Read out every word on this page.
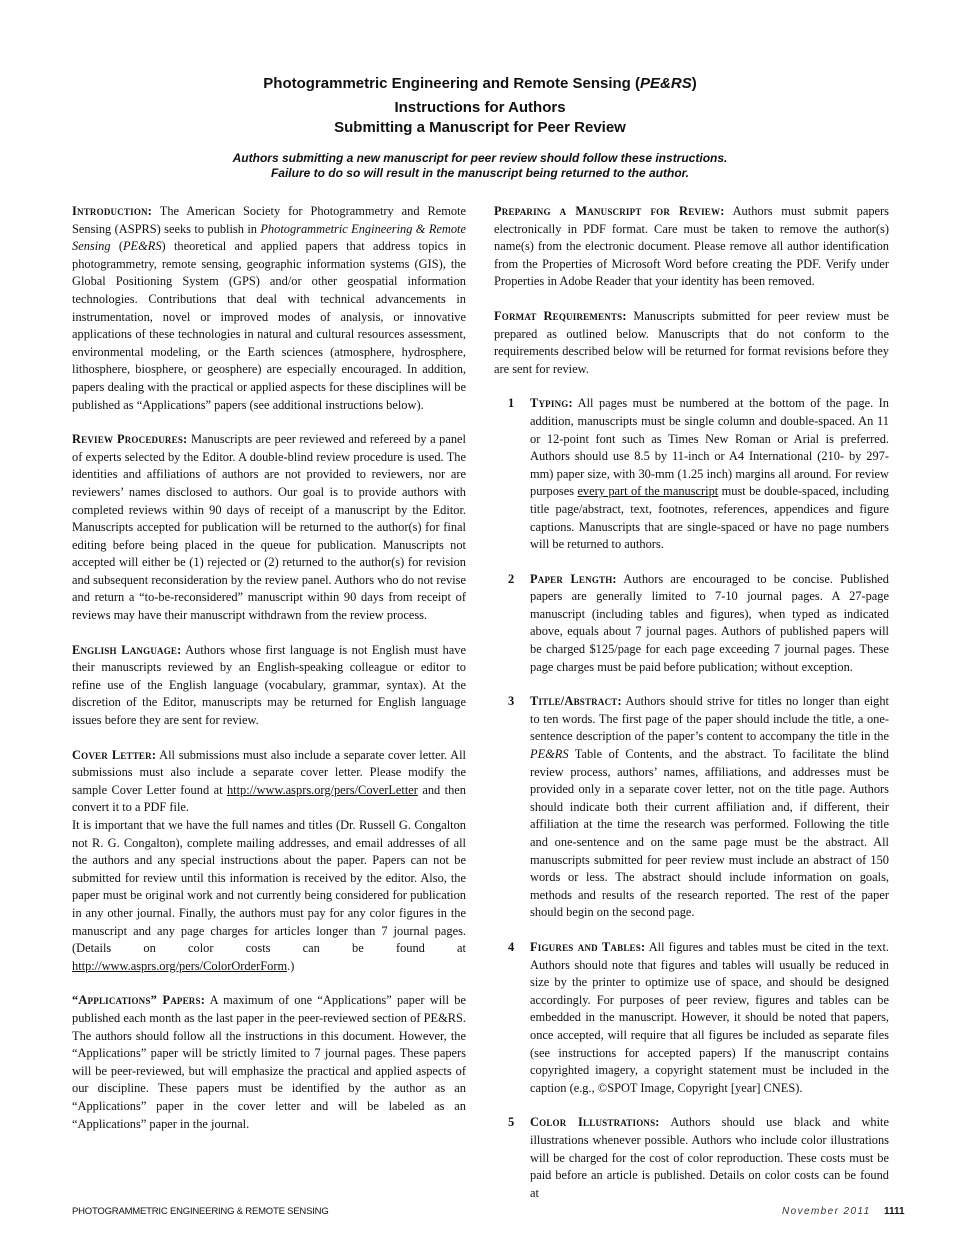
Photogrammetric Engineering and Remote Sensing (PE&RS)
Instructions for Authors
Submitting a Manuscript for Peer Review
Authors submitting a new manuscript for peer review should follow these instructions.
Failure to do so will result in the manuscript being returned to the author.

Introduction: The American Society for Photogrammetry and Remote Sensing (ASPRS) seeks to publish in Photogrammetric Engineering & Remote Sensing (PE&RS) theoretical and applied papers that address topics in photogrammetry, remote sensing, geographic information systems (GIS), the Global Positioning System (GPS) and/or other geospatial information technologies. Contributions that deal with technical advancements in instrumentation, novel or improved modes of analysis, or innovative applications of these technologies in natural and cultural resources assessment, environmental modeling, or the Earth sciences (atmosphere, hydrosphere, lithosphere, biosphere, or geosphere) are especially encouraged. In addition, papers dealing with the practical or applied aspects for these disciplines will be published as “Applications” papers (see additional instructions below).

Review Procedures: Manuscripts are peer reviewed and refereed by a panel of experts selected by the Editor. A double-blind review procedure is used. The identities and affiliations of authors are not provided to reviewers, nor are reviewers’ names disclosed to authors. Our goal is to provide authors with completed reviews within 90 days of receipt of a manuscript by the Editor. Manuscripts accepted for publication will be returned to the author(s) for final editing before being placed in the queue for publication. Manuscripts not accepted will either be (1) rejected or (2) returned to the author(s) for revision and subsequent reconsideration by the review panel. Authors who do not revise and return a “to-be-reconsidered” manuscript within 90 days from receipt of reviews may have their manuscript withdrawn from the review process.

English Language: Authors whose first language is not English must have their manuscripts reviewed by an English-speaking colleague or editor to refine use of the English language (vocabulary, grammar, syntax). At the discretion of the Editor, manuscripts may be returned for English language issues before they are sent for review.

Cover Letter: All submissions must also include a separate cover letter. All submissions must also include a separate cover letter. Please modify the sample Cover Letter found at http://www.asprs.org/pers/CoverLetter and then convert it to a PDF file.

It is important that we have the full names and titles (Dr. Russell G. Congalton not R. G. Congalton), complete mailing addresses, and email addresses of all the authors and any special instructions about the paper. Papers can not be submitted for review until this information is received by the editor. Also, the paper must be original work and not currently being considered for publication in any other journal. Finally, the authors must pay for any color figures in the manuscript and any page charges for articles longer than 7 journal pages. (Details on color costs can be found at http://www.asprs.org/pers/ColorOrderForm.)

“Applications” Papers: A maximum of one “Applications” paper will be published each month as the last paper in the peer-reviewed section of PE&RS. The authors should follow all the instructions in this document. However, the “Applications” paper will be strictly limited to 7 journal pages. These papers will be peer-reviewed, but will emphasize the practical and applied aspects of our discipline. These papers must be identified by the author as an “Applications” paper in the cover letter and will be labeled as an “Applications” paper in the journal.

Preparing a Manuscript for Review: Authors must submit papers electronically in PDF format. Care must be taken to remove the author(s) name(s) from the electronic document. Please remove all author identification from the Properties of Microsoft Word before creating the PDF. Verify under Properties in Adobe Reader that your identity has been removed.

Format Requirements: Manuscripts submitted for peer review must be prepared as outlined below. Manuscripts that do not conform to the requirements described below will be returned for format revisions before they are sent for review.

1 Typing: All pages must be numbered at the bottom of the page. In addition, manuscripts must be single column and double-spaced. An 11 or 12-point font such as Times New Roman or Arial is preferred. Authors should use 8.5 by 11-inch or A4 International (210- by 297-mm) paper size, with 30-mm (1.25 inch) margins all around. For review purposes every part of the manuscript must be double-spaced, including title page/abstract, text, footnotes, references, appendices and figure captions. Manuscripts that are single-spaced or have no page numbers will be returned to authors.
2 Paper Length: Authors are encouraged to be concise. Published papers are generally limited to 7-10 journal pages. A 27-page manuscript (including tables and figures), when typed as indicated above, equals about 7 journal pages. Authors of published papers will be charged $125/page for each page exceeding 7 journal pages. These page charges must be paid before publication; without exception.
3 Title/Abstract: Authors should strive for titles no longer than eight to ten words. The first page of the paper should include the title, a one-sentence description of the paper’s content to accompany the title in the PE&RS Table of Contents, and the abstract. To facilitate the blind review process, authors’ names, affiliations, and addresses must be provided only in a separate cover letter, not on the title page. Authors should indicate both their current affiliation and, if different, their affiliation at the time the research was performed. Following the title and one-sentence and on the same page must be the abstract. All manuscripts submitted for peer review must include an abstract of 150 words or less. The abstract should include information on goals, methods and results of the research reported. The rest of the paper should begin on the second page.
4 Figures and Tables: All figures and tables must be cited in the text. Authors should note that figures and tables will usually be reduced in size by the printer to optimize use of space, and should be designed accordingly. For purposes of peer review, figures and tables can be embedded in the manuscript. However, it should be noted that papers, once accepted, will require that all figures be included as separate files (see instructions for accepted papers) If the manuscript contains copyrighted imagery, a copyright statement must be included in the caption (e.g., ©SPOT Image, Copyright [year] CNES).
5 Color Illustrations: Authors should use black and white illustrations whenever possible. Authors who include color illustrations will be charged for the cost of color reproduction. These costs must be paid before an article is published. Details on color costs can be found at
PHOTOGRAMMETRIC ENGINEERING & REMOTE SENSING	November 2011 1111
